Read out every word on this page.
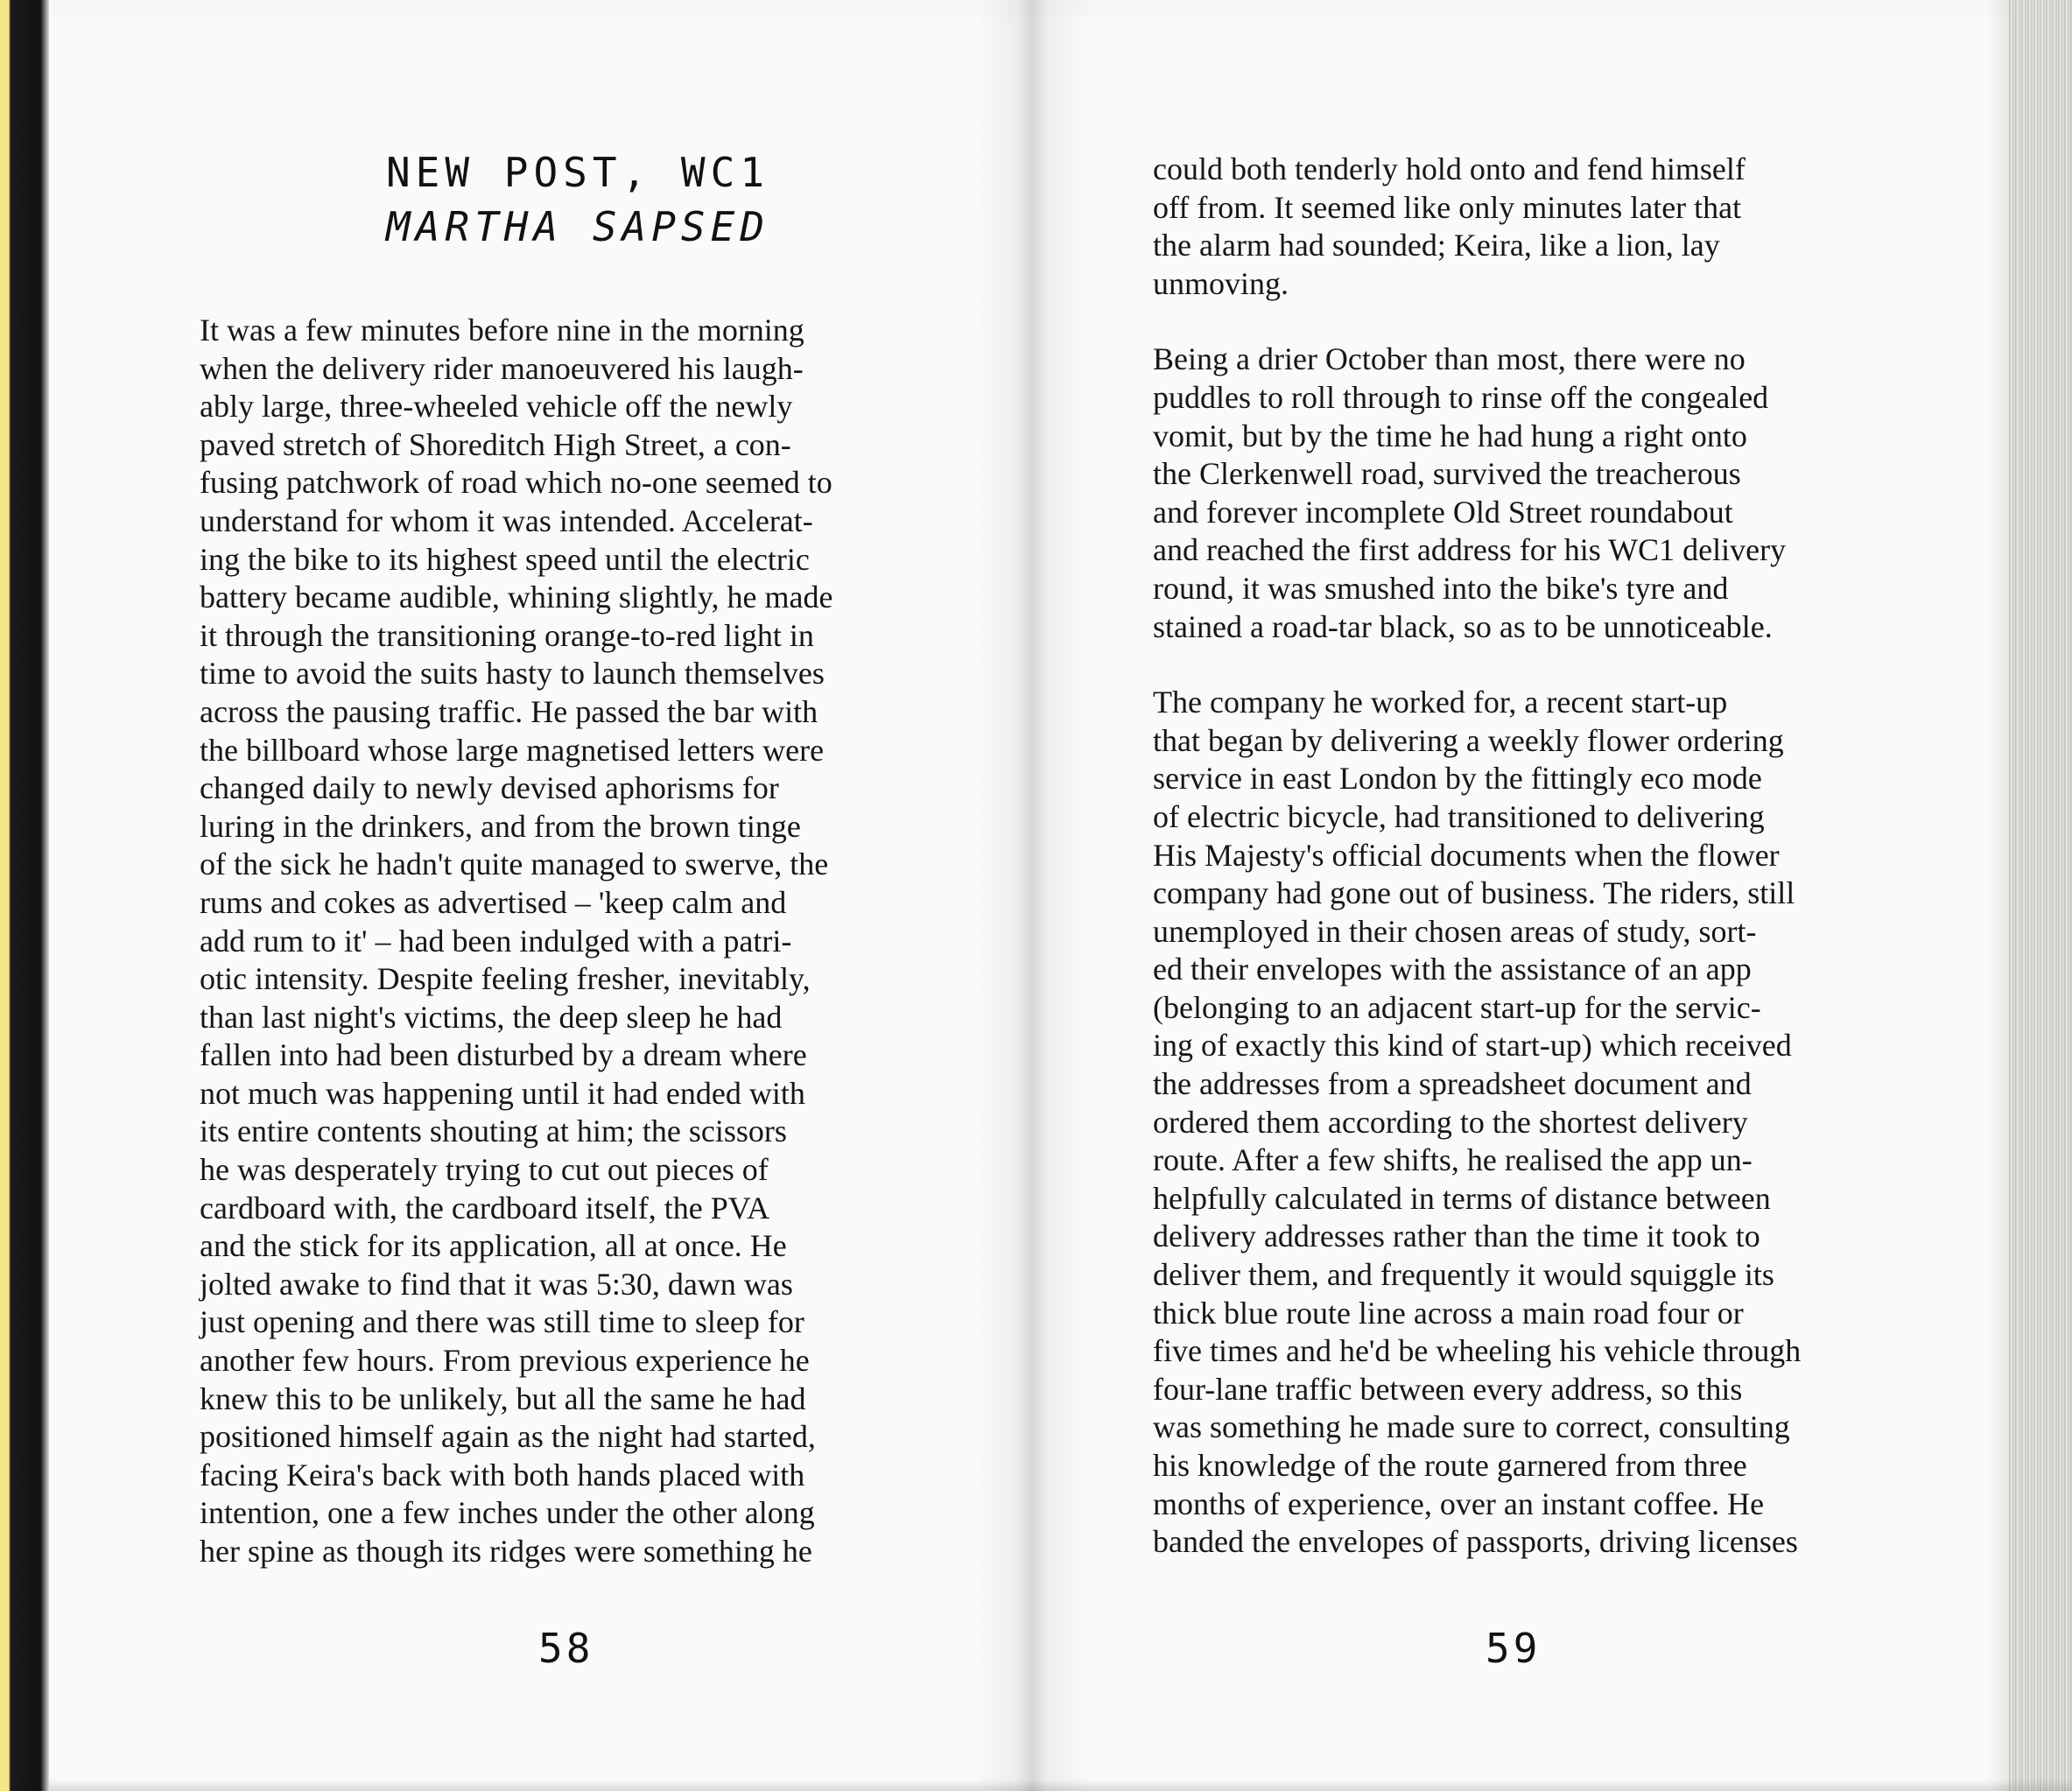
NEW POST, WC1
MARTHA SAPSED
It was a few minutes before nine in the morning
when the delivery rider manoeuvered his laugh-
ably large, three-wheeled vehicle off the newly
paved stretch of Shoreditch High Street, a con-
fusing patchwork of road which no-one seemed to
understand for whom it was intended. Accelerat-
ing the bike to its highest speed until the electric
battery became audible, whining slightly, he made
it through the transitioning orange-to-red light in
time to avoid the suits hasty to launch themselves
across the pausing traffic. He passed the bar with
the billboard whose large magnetised letters were
changed daily to newly devised aphorisms for
luring in the drinkers, and from the brown tinge
of the sick he hadn't quite managed to swerve, the
rums and cokes as advertised – 'keep calm and
add rum to it' – had been indulged with a patri-
otic intensity. Despite feeling fresher, inevitably,
than last night's victims, the deep sleep he had
fallen into had been disturbed by a dream where
not much was happening until it had ended with
its entire contents shouting at him; the scissors
he was desperately trying to cut out pieces of
cardboard with, the cardboard itself, the PVA
and the stick for its application, all at once. He
jolted awake to find that it was 5:30, dawn was
just opening and there was still time to sleep for
another few hours. From previous experience he
knew this to be unlikely, but all the same he had
positioned himself again as the night had started,
facing Keira's back with both hands placed with
intention, one a few inches under the other along
her spine as though its ridges were something he
could both tenderly hold onto and fend himself
off from. It seemed like only minutes later that
the alarm had sounded; Keira, like a lion, lay
unmoving.
Being a drier October than most, there were no
puddles to roll through to rinse off the congealed
vomit, but by the time he had hung a right onto
the Clerkenwell road, survived the treacherous
and forever incomplete Old Street roundabout
and reached the first address for his WC1 delivery
round, it was smushed into the bike's tyre and
stained a road-tar black, so as to be unnoticeable.
The company he worked for, a recent start-up
that began by delivering a weekly flower ordering
service in east London by the fittingly eco mode
of electric bicycle, had transitioned to delivering
His Majesty's official documents when the flower
company had gone out of business. The riders, still
unemployed in their chosen areas of study, sort-
ed their envelopes with the assistance of an app
(belonging to an adjacent start-up for the servic-
ing of exactly this kind of start-up) which received
the addresses from a spreadsheet document and
ordered them according to the shortest delivery
route. After a few shifts, he realised the app un-
helpfully calculated in terms of distance between
delivery addresses rather than the time it took to
deliver them, and frequently it would squiggle its
thick blue route line across a main road four or
five times and he'd be wheeling his vehicle through
four-lane traffic between every address, so this
was something he made sure to correct, consulting
his knowledge of the route garnered from three
months of experience, over an instant coffee. He
banded the envelopes of passports, driving licenses
58	59
